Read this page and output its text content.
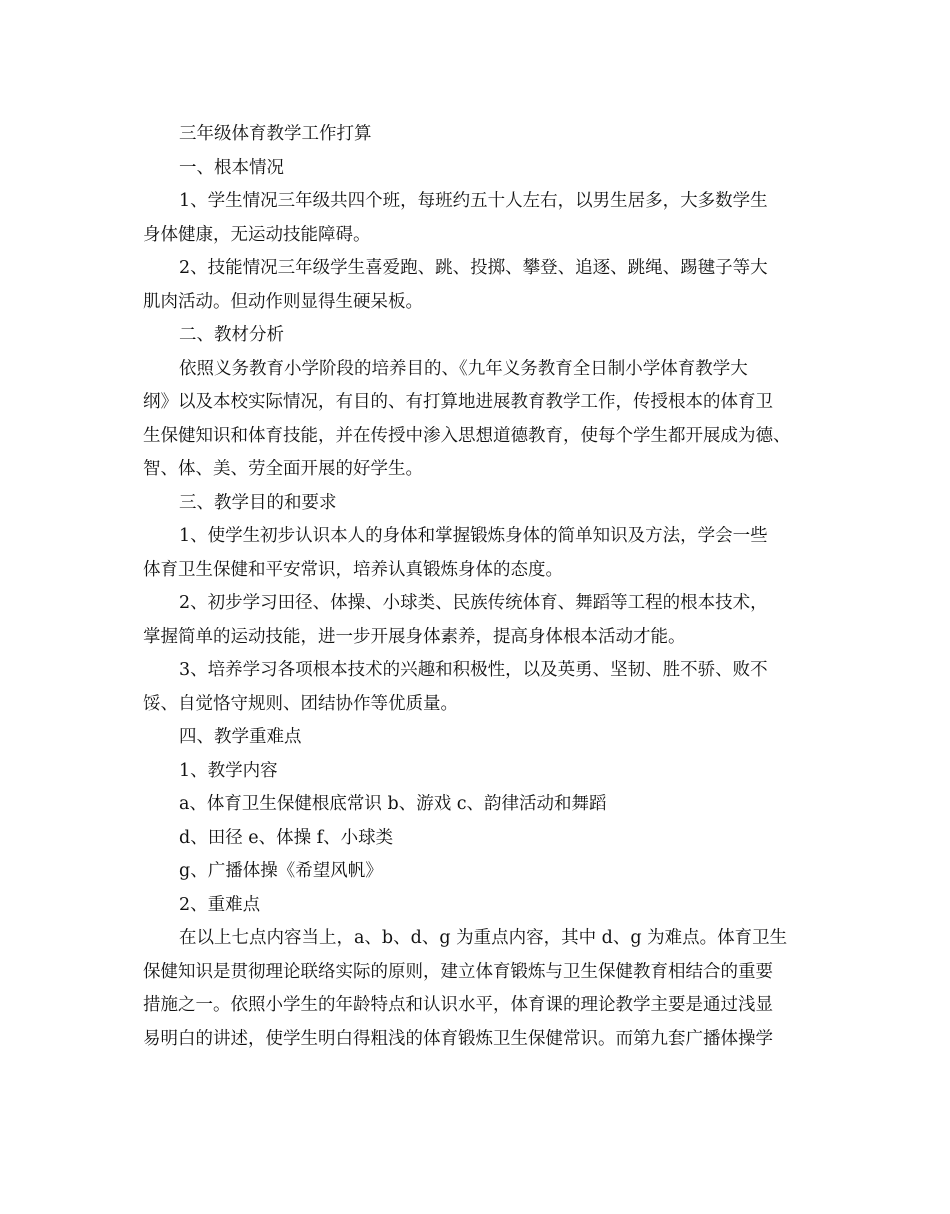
三年级体育教学工作打算
一、根本情况
1、学生情况三年级共四个班，每班约五十人左右，以男生居多，大多数学生
身体健康，无运动技能障碍。
2、技能情况三年级学生喜爱跑、跳、投掷、攀登、追逐、跳绳、踢毽子等大
肌肉活动。但动作则显得生硬呆板。
二、教材分析
依照义务教育小学阶段的培养目的、《九年义务教育全日制小学体育教学大
纲》以及本校实际情况，有目的、有打算地进展教育教学工作，传授根本的体育卫
生保健知识和体育技能，并在传授中渗入思想道德教育，使每个学生都开展成为德、
智、体、美、劳全面开展的好学生。
三、教学目的和要求
1、使学生初步认识本人的身体和掌握锻炼身体的简单知识及方法，学会一些
体育卫生保健和平安常识，培养认真锻炼身体的态度。
2、初步学习田径、体操、小球类、民族传统体育、舞蹈等工程的根本技术，
掌握简单的运动技能，进一步开展身体素养，提高身体根本活动才能。
3、培养学习各项根本技术的兴趣和积极性，以及英勇、坚韧、胜不骄、败不
馁、自觉恪守规则、团结协作等优质量。
四、教学重难点
1、教学内容
a、体育卫生保健根底常识 b、游戏 c、韵律活动和舞蹈
d、田径 e、体操 f、小球类
g、广播体操《希望风帆》
2、重难点
在以上七点内容当上，a、b、d、g 为重点内容，其中 d、g 为难点。体育卫生
保健知识是贯彻理论联络实际的原则，建立体育锻炼与卫生保健教育相结合的重要
措施之一。依照小学生的年龄特点和认识水平，体育课的理论教学主要是通过浅显
易明白的讲述，使学生明白得粗浅的体育锻炼卫生保健常识。而第九套广播体操学
